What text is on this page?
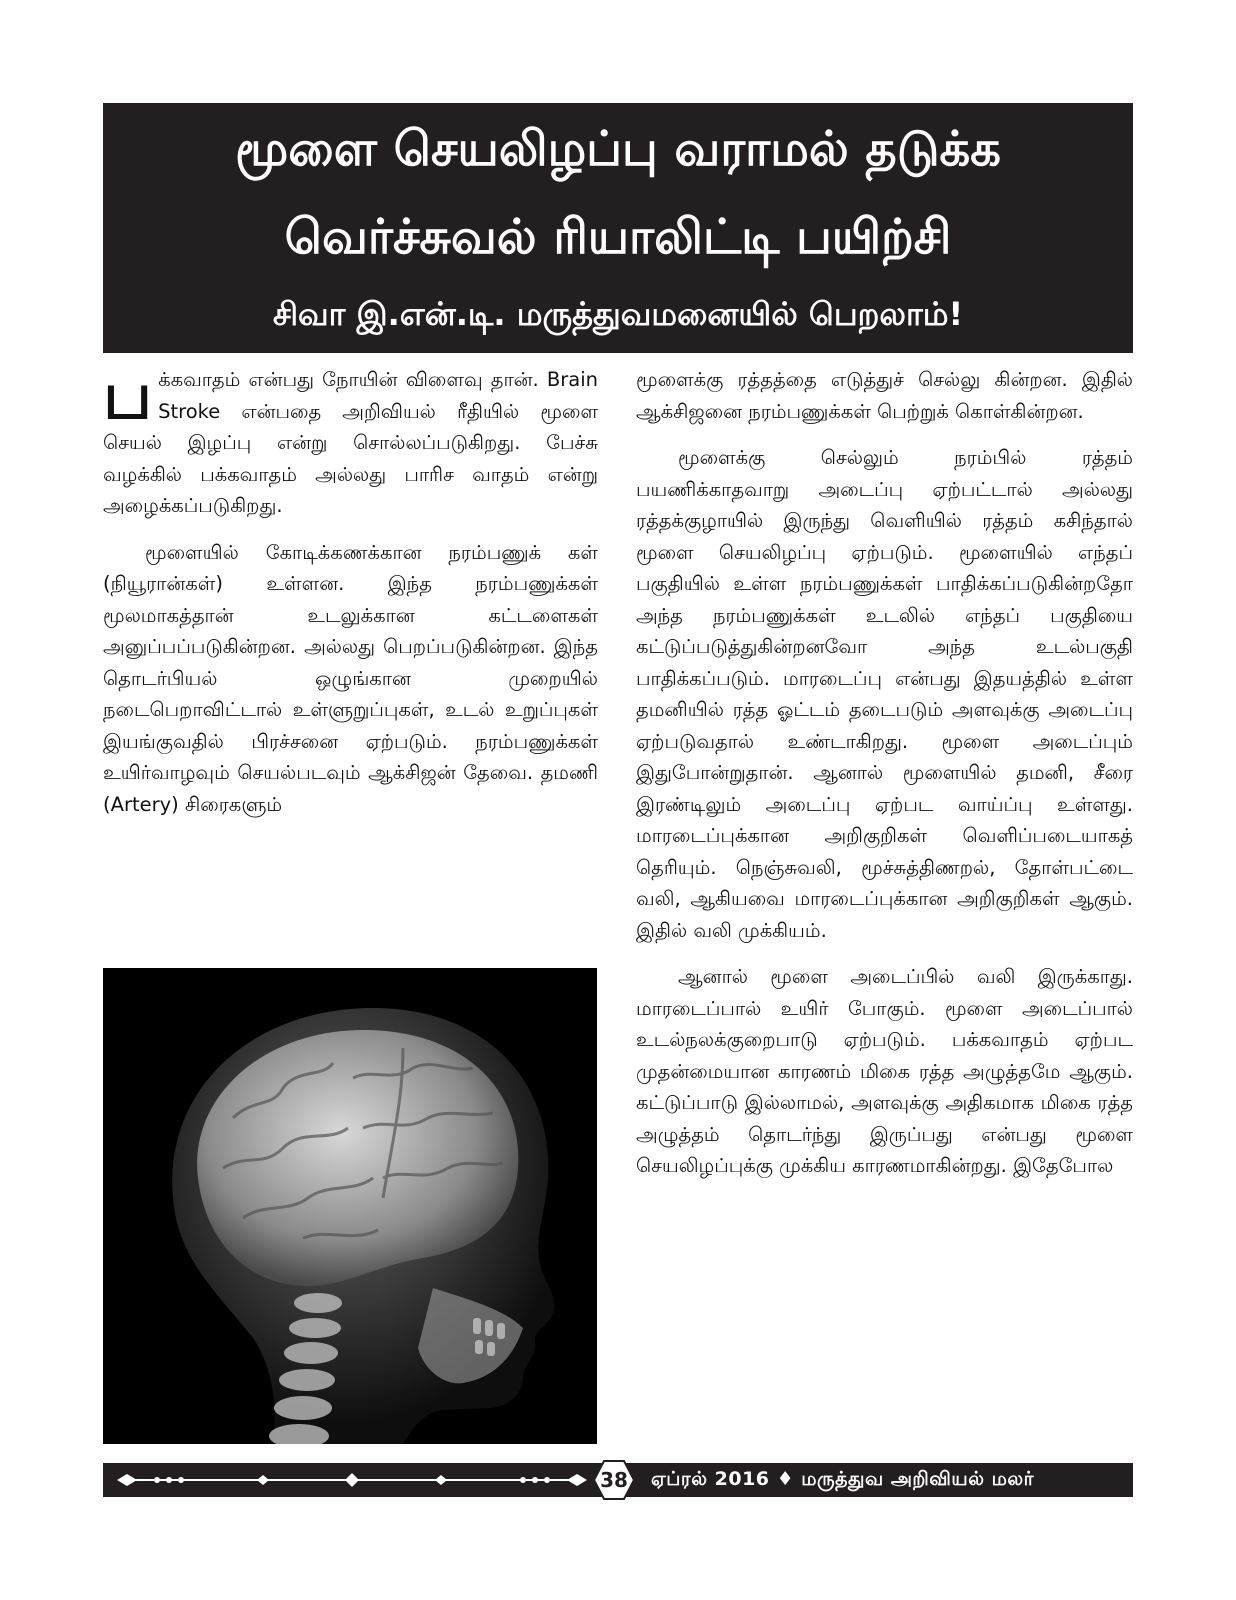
மூளை செயலிழப்பு வராமல் தடுக்க
வெர்ச்சுவல் ரியாலிட்டி பயிற்சி
சிவா இ.என்.டி. மருத்துவமனையில் பெறலாம்!

பக்கவாதம் என்பது நோயின் விளைவு தான். Brain Stroke என்பதை அறிவியல் ரீதியில் மூளை செயல் இழப்பு என்று சொல்லப்படுகிறது. பேச்சு வழக்கில் பக்கவாதம் அல்லது பாரிச வாதம் என்று அழைக்கப்படுகிறது.

மூளையில் கோடிக்கணக்கான நரம்பணுக் கள் (நியூரான்கள்) உள்ளன. இந்த நரம்பணுக்கள் மூலமாகத்தான் உடலுக்கான கட்டளைகள் அனுப்பப்படுகின்றன. அல்லது பெறப்படுகின்றன. இந்த தொடர்பியல் ஒழுங்கான முறையில் நடைபெறாவிட்டால் உள்ளுறுப்புகள், உடல் உறுப்புகள் இயங்குவதில் பிரச்சனை ஏற்படும். நரம்பணுக்கள் உயிர்வாழவும் செயல்படவும் ஆக்சிஜன் தேவை. தமணி (Artery) சிரைகளும்

மூளைக்கு ரத்தத்தை எடுத்துச் செல்லு கின்றன. இதில் ஆக்சிஜனை நரம்பணுக்கள் பெற்றுக் கொள்கின்றன.

மூளைக்கு செல்லும் நரம்பில் ரத்தம் பயணிக்காதவாறு அடைப்பு ஏற்பட்டால் அல்லது ரத்தக்குழாயில் இருந்து வெளியில் ரத்தம் கசிந்தால் மூளை செயலிழப்பு ஏற்படும். மூளையில் எந்தப் பகுதியில் உள்ள நரம்பணுக்கள் பாதிக்கப்படுகின்றதோ அந்த நரம்பணுக்கள் உடலில் எந்தப் பகுதியை கட்டுப்படுத்துகின்றனவோ அந்த உடல்பகுதி பாதிக்கப்படும். மாரடைப்பு என்பது இதயத்தில் உள்ள தமனியில் ரத்த ஓட்டம் தடைபடும் அளவுக்கு அடைப்பு ஏற்படுவதால் உண்டாகிறது. மூளை அடைப்பும் இதுபோன்றுதான். ஆனால் மூளையில் தமனி, சீரை இரண்டிலும் அடைப்பு ஏற்பட வாய்ப்பு உள்ளது. மாரடைப்புக்கான அறிகுறிகள் வெளிப்படையாகத் தெரியும். நெஞ்சுவலி, மூச்சுத்திணறல், தோள்பட்டை வலி, ஆகியவை மாரடைப்புக்கான அறிகுறிகள் ஆகும். இதில் வலி முக்கியம்.

ஆனால் மூளை அடைப்பில் வலி இருக்காது. மாரடைப்பால் உயிர் போகும். மூளை அடைப்பால் உடல்நலக்குறைபாடு ஏற்படும். பக்கவாதம் ஏற்பட முதன்மையான காரணம் மிகை ரத்த அழுத்தமே ஆகும். கட்டுப்பாடு இல்லாமல், அளவுக்கு அதிகமாக மிகை ரத்த அழுத்தம் தொடர்ந்து இருப்பது என்பது மூளை செயலிழப்புக்கு முக்கிய காரணமாகின்றது. இதேபோல

38	ஏப்ரல் 2016 ♦ மருத்துவ அறிவியல் மலர்
